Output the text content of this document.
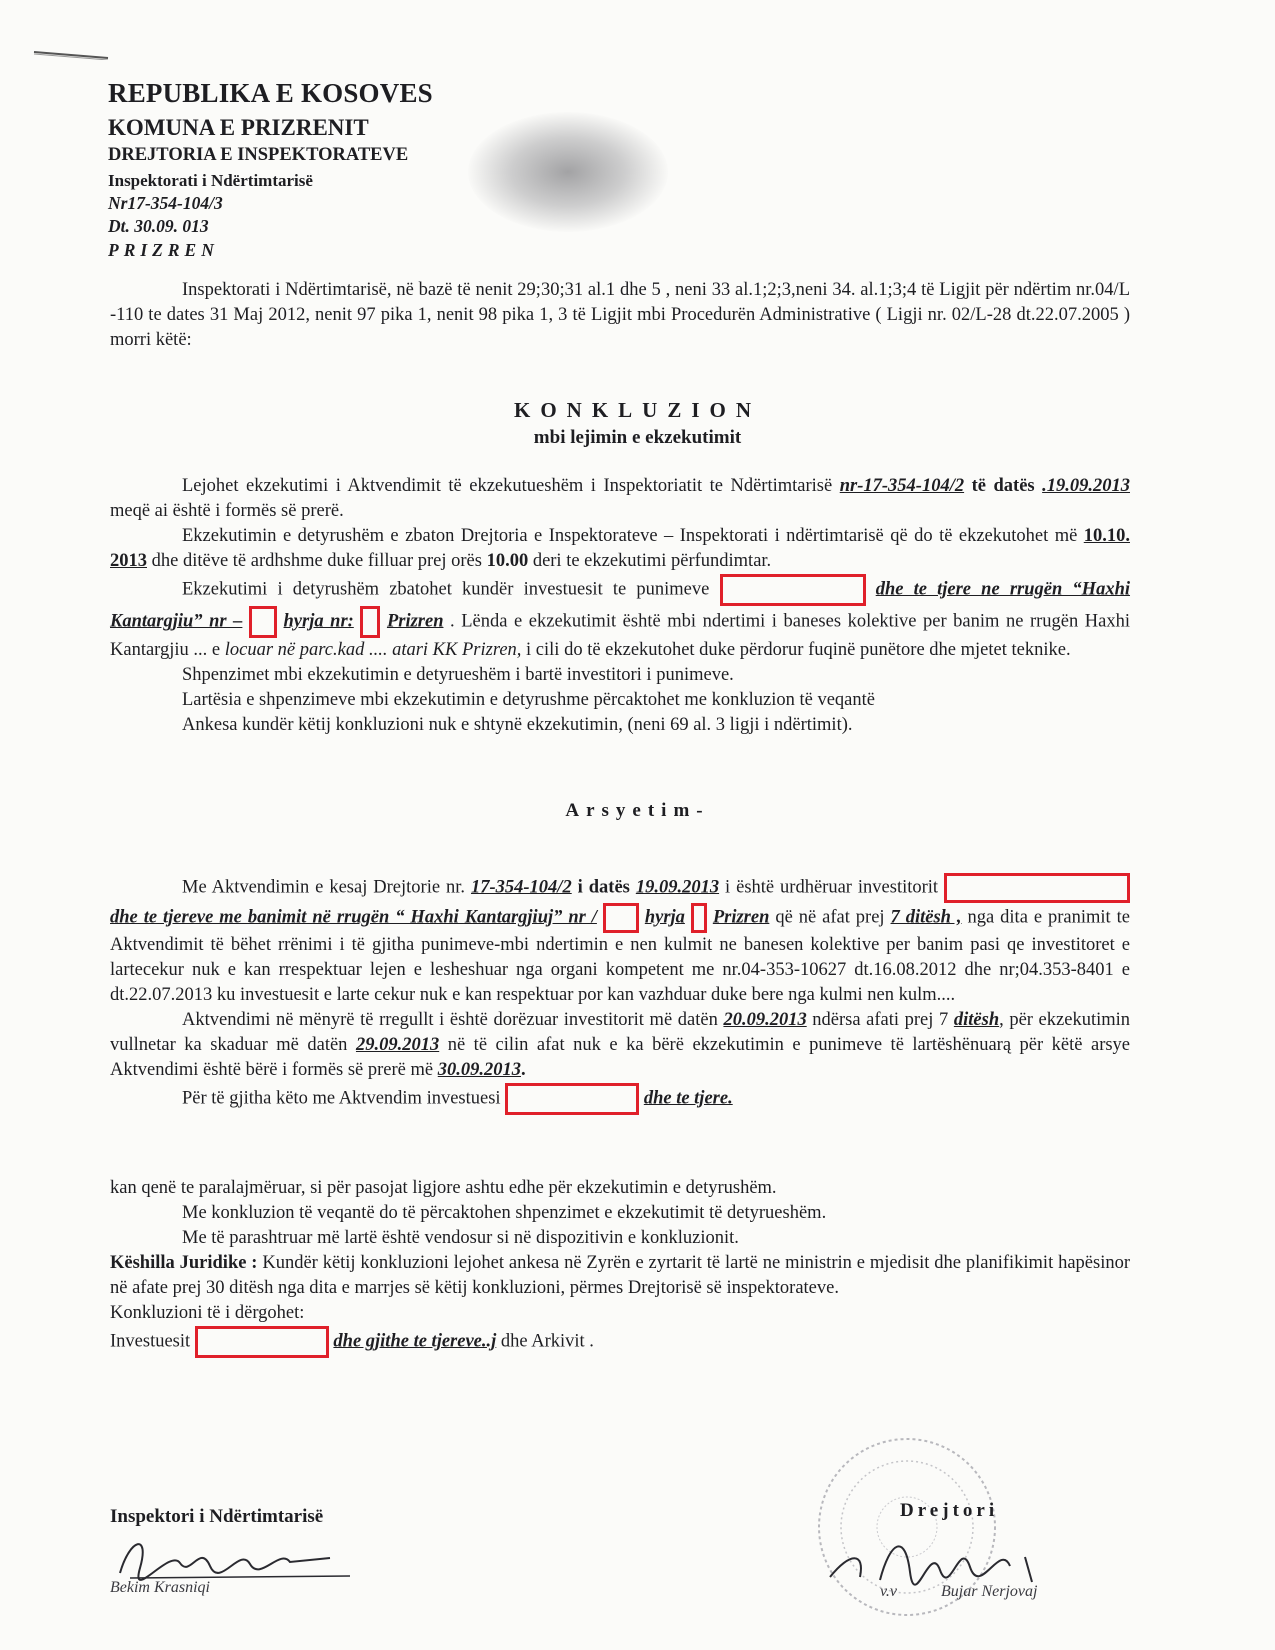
REPUBLIKA E KOSOVES
KOMUNA E PRIZRENIT
DREJTORIA E INSPEKTORATEVE
Inspektorati i Ndërtimtarisë
Nr17-354-104/3
Dt. 30.09. 013
PRIZREN

Inspektorati i Ndërtimtarisë, në bazë të nenit 29;30;31 al.1 dhe 5 , neni 33 al.1;2;3,neni 34. al.1;3;4 të Ligjit për ndërtim nr.04/L -110 te dates 31 Maj 2012, nenit 97 pika 1, nenit 98 pika 1, 3 të Ligjit mbi Procedurën Administrative ( Ligji nr. 02/L-28 dt.22.07.2005 ) morri këtë:

KONKLUZION
mbi lejimin e ekzekutimit

Lejohet ekzekutimi i Aktvendimit të ekzekutueshëm i Inspektoriatit te Ndërtimtarisë nr-17-354-104/2 të datës .19.09.2013 meqë ai është i formës së prerë.

Ekzekutimin e detyrushëm e zbaton Drejtoria e Inspektorateve – Inspektorati i ndërtimtarisë që do të ekzekutohet më 10.10. 2013 dhe ditëve të ardhshme duke filluar prej orës 10.00 deri te ekzekutimi përfundimtar.

Ekzekutimi i detyrushëm zbatohet kundër investuesit te punimeve	dhe te tjere ne rrugën “Haxhi Kantargjiu” nr – hyrja nr: Prizren . Lënda e ekzekutimit është mbi ndertimi i baneses kolektive per banim ne rrugën Haxhi Kantargjiu ... e locuar në parc.kad .... atari KK Prizren, i cili do të ekzekutohet duke përdorur fuqinë punëtore dhe mjetet teknike.

Shpenzimet mbi ekzekutimin e detyrueshëm i bartë investitori i punimeve.

Lartësia e shpenzimeve mbi ekzekutimin e detyrushme përcaktohet me konkluzion të veqantë

Ankesa kundër këtij konkluzioni nuk e shtynë ekzekutimin, (neni 69 al. 3 ligji i ndërtimit).

Arsyetim-

Me Aktvendimin e kesaj Drejtorie nr. 17-354-104/2 i datës 19.09.2013 i është urdhëruar investitorit  dhe te tjereve me banimit në rrugën “ Haxhi Kantargjiuj” nr /	hyrja Prizren që në afat prej 7 ditësh , nga dita e pranimit te Aktvendimit të bëhet rrënimi i të gjitha punimeve-mbi ndertimin e nen kulmit ne banesen kolektive per banim pasi qe investitoret e lartecekur nuk e kan rrespektuar lejen e lesheshuar nga organi kompetent me nr.04-353-10627 dt.16.08.2012 dhe nr;04.353-8401 e dt.22.07.2013 ku investuesit e larte cekur nuk e kan respektuar por kan vazhduar duke bere nga kulmi nen kulm....

Aktvendimi në mënyrë të rregullt i është dorëzuar investitorit më datën 20.09.2013 ndërsa afati prej 7 ditësh, për ekzekutimin vullnetar ka skaduar më datën 29.09.2013 në të cilin afat nuk e ka bërë ekzekutimin e punimeve të lartëshënuarą për këtë arsye Aktvendimi është bërë i formës së prerë më 30.09.2013.

Për të gjitha këto me Aktvendim investuesi	dhe te tjere.

kan qenë te paralajmëruar, si për pasojat ligjore ashtu edhe për ekzekutimin e detyrushëm.

Me konkluzion të veqantë do të përcaktohen shpenzimet e ekzekutimit të detyrueshëm.

Me të parashtruar më lartë është vendosur si në dispozitivin e konkluzionit.

Këshilla Juridike : Kundër këtij konkluzioni lejohet ankesa në Zyrën e zyrtarit të lartë ne ministrin e mjedisit dhe planifikimit hapësinor në afate prej 30 ditësh nga dita e marrjes së këtij konkluzioni, përmes Drejtorisë së inspektorateve.

Konkluzioni të i dërgohet:

Investuesit	dhe gjithe te tjereve..j dhe Arkivit .

Inspektori i Ndërtimtarisë
Bekim Krasniqi
Drejtori
v.v	Bujar Nerjovaj
